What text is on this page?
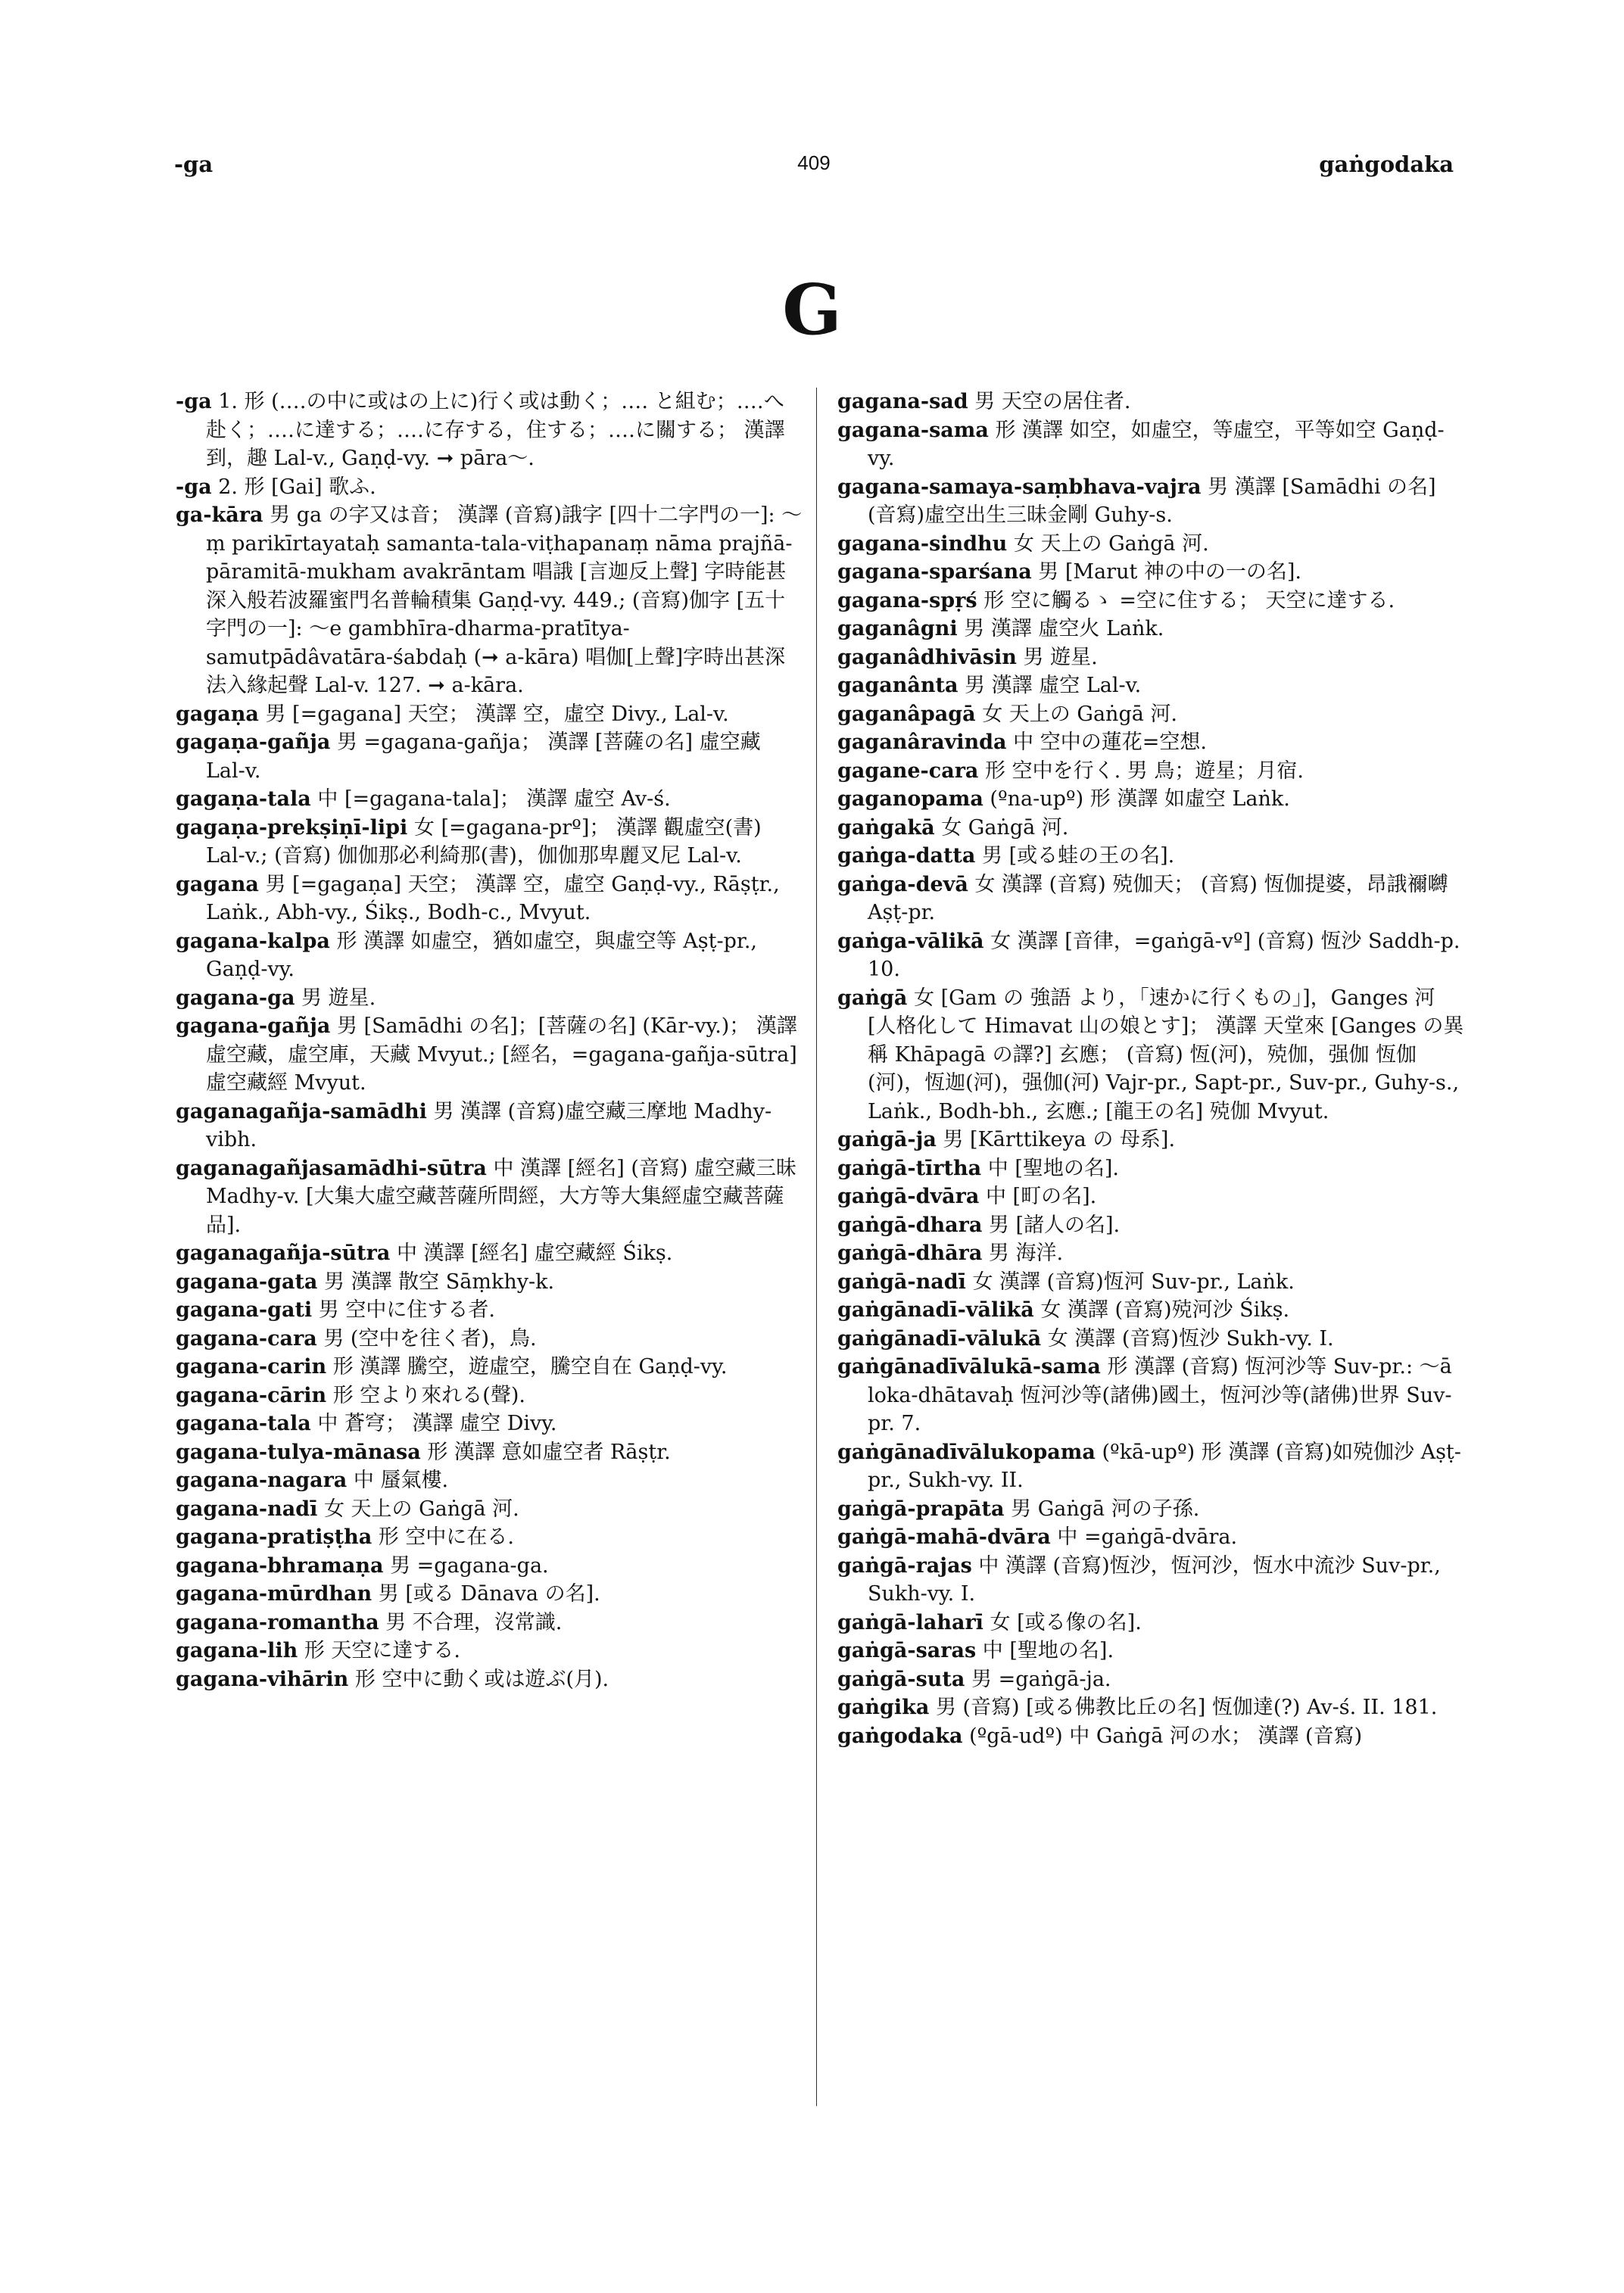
-ga	409	gaṅgodaka
G

-ga 1. 形 (‥‥の中に或はの上に)行く或は動く；‥‥ と組む；‥‥へ赴く；‥‥に達する；‥‥に存する，住する；‥‥に關する； 漢譯 到，趣 Lal-v., Gaṇḍ-vy. ➞ pāra〜.

-ga 2. 形 [Gai] 歌ふ.

ga-kāra 男 ga の字又は音； 漢譯 (音寫)誐字 [四十二字門の一]: 〜ṃ parikīrtayataḥ samanta-tala-viṭhapanaṃ nāma prajñā-pāramitā-mukham avakrāntam 唱誐 [言迦反上聲] 字時能甚深入般若波羅蜜門名普輪積集 Gaṇḍ-vy. 449.; (音寫)伽字 [五十字門の一]: 〜e gambhīra-dharma-pratītya-samutpādâvatāra-śabdaḥ (➞ a-kāra) 唱伽[上聲]字時出甚深法入緣起聲 Lal-v. 127. ➞ a-kāra.

gagaṇa 男 [=gagana] 天空； 漢譯 空，虛空 Divy., Lal-v.

gagaṇa-gañja 男 =gagana-gañja； 漢譯 [菩薩の名] 虛空藏 Lal-v.

gagaṇa-tala 中 [=gagana-tala]； 漢譯 虛空 Av-ś.

gagaṇa-prekṣiṇī-lipi 女 [=gagana-prº]； 漢譯 觀虛空(書) Lal-v.; (音寫) 伽伽那必利綺那(書)，伽伽那卑麗叉尼 Lal-v.

gagana 男 [=gagaṇa] 天空； 漢譯 空，虛空 Gaṇḍ-vy., Rāṣṭr., Laṅk., Abh-vy., Śikṣ., Bodh-c., Mvyut.

gagana-kalpa 形 漢譯 如虛空，猶如虛空，與虛空等 Aṣṭ-pr., Gaṇḍ-vy.

gagana-ga 男 遊星.

gagana-gañja 男 [Samādhi の名]；[菩薩の名] (Kār-vy.)； 漢譯 虛空藏，虛空庫，天藏 Mvyut.; [經名，=gagana-gañja-sūtra] 虛空藏經 Mvyut.

gaganagañja-samādhi 男 漢譯 (音寫)虛空藏三摩地 Madhy-vibh.

gaganagañjasamādhi-sūtra 中 漢譯 [經名] (音寫) 虛空藏三昧 Madhy-v. [大集大虛空藏菩薩所問經，大方等大集經虛空藏菩薩品].

gaganagañja-sūtra 中 漢譯 [經名] 虛空藏經 Śikṣ.

gagana-gata 男 漢譯 散空 Sāṃkhy-k.

gagana-gati 男 空中に住する者.

gagana-cara 男 (空中を往く者)，鳥.

gagana-carin 形 漢譯 騰空，遊虛空，騰空自在 Gaṇḍ-vy.

gagana-cārin 形 空より來れる(聲).

gagana-tala 中 蒼穹； 漢譯 虛空 Divy.

gagana-tulya-mānasa 形 漢譯 意如虛空者 Rāṣṭr.

gagana-nagara 中 蜃氣樓.

gagana-nadī 女 天上の Gaṅgā 河.

gagana-pratiṣṭha 形 空中に在る.

gagana-bhramaṇa 男 =gagana-ga.

gagana-mūrdhan 男 [或る Dānava の名].

gagana-romantha 男 不合理，沒常識.

gagana-lih 形 天空に達する.

gagana-vihārin 形 空中に動く或は遊ぶ(月).

gagana-sad 男 天空の居住者.

gagana-sama 形 漢譯 如空，如虛空，等虛空，平等如空 Gaṇḍ-vy.

gagana-samaya-saṃbhava-vajra 男 漢譯 [Samādhi の名] (音寫)虛空出生三昧金剛 Guhy-s.

gagana-sindhu 女 天上の Gaṅgā 河.

gagana-sparśana 男 [Marut 神の中の一の名].

gagana-spṛś 形 空に觸るゝ =空に住する； 天空に達する.

gaganâgni 男 漢譯 虛空火 Laṅk.

gaganâdhivāsin 男 遊星.

gaganânta 男 漢譯 虛空 Lal-v.

gaganâpagā 女 天上の Gaṅgā 河.

gaganâravinda 中 空中の蓮花=空想.

gagane-cara 形 空中を行く. 男 鳥；遊星；月宿.

gaganopama (ºna-upº) 形 漢譯 如虛空 Laṅk.

gaṅgakā 女 Gaṅgā 河.

gaṅga-datta 男 [或る蛙の王の名].

gaṅga-devā 女 漢譯 (音寫) 殑伽天； (音寫) 恆伽提婆，昂誐禰嚩 Aṣṭ-pr.

gaṅga-vālikā 女 漢譯 [音律，=gaṅgā-vº] (音寫) 恆沙 Saddh-p. 10.

gaṅgā 女 [Gam の 強語 より，「速かに行くもの」]，Ganges 河 [人格化して Himavat 山の娘とす]； 漢譯 天堂來 [Ganges の異稱 Khāpagā の譯?] 玄應； (音寫) 恆(河)，殑伽，强伽 恆伽(河)，恆迦(河)，强伽(河) Vajr-pr., Sapt-pr., Suv-pr., Guhy-s., Laṅk., Bodh-bh., 玄應.; [龍王の名] 殑伽 Mvyut.

gaṅgā-ja 男 [Kārttikeya の 母系].

gaṅgā-tīrtha 中 [聖地の名].

gaṅgā-dvāra 中 [町の名].

gaṅgā-dhara 男 [諸人の名].

gaṅgā-dhāra 男 海洋.

gaṅgā-nadī 女 漢譯 (音寫)恆河 Suv-pr., Laṅk.

gaṅgānadī-vālikā 女 漢譯 (音寫)殑河沙 Śikṣ.

gaṅgānadī-vālukā 女 漢譯 (音寫)恆沙 Sukh-vy. I.

gaṅgānadīvālukā-sama 形 漢譯 (音寫) 恆河沙等 Suv-pr.: 〜ā loka-dhātavaḥ 恆河沙等(諸佛)國土，恆河沙等(諸佛)世界 Suv-pr. 7.

gaṅgānadīvālukopama (ºkā-upº) 形 漢譯 (音寫)如殑伽沙 Aṣṭ-pr., Sukh-vy. II.

gaṅgā-prapāta 男 Gaṅgā 河の子孫.

gaṅgā-mahā-dvāra 中 =gaṅgā-dvāra.

gaṅgā-rajas 中 漢譯 (音寫)恆沙，恆河沙，恆水中流沙 Suv-pr., Sukh-vy. I.

gaṅgā-laharī 女 [或る像の名].

gaṅgā-saras 中 [聖地の名].

gaṅgā-suta 男 =gaṅgā-ja.

gaṅgika 男 (音寫) [或る佛教比丘の名] 恆伽達(?) Av-ś. II. 181.

gaṅgodaka (ºgā-udº) 中 Gaṅgā 河の水； 漢譯 (音寫)
